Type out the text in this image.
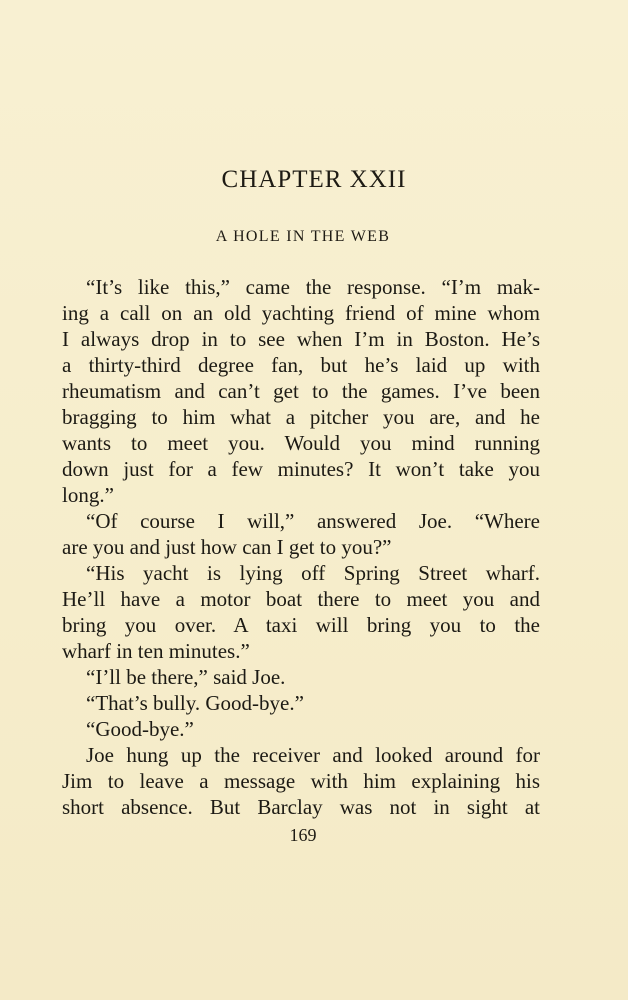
CHAPTER XXII
A HOLE IN THE WEB
“It’s like this,” came the response. “I’m mak-
ing a call on an old yachting friend of mine whom
I always drop in to see when I’m in Boston. He’s
a thirty-third degree fan, but he’s laid up with
rheumatism and can’t get to the games. I’ve been
bragging to him what a pitcher you are, and he
wants to meet you. Would you mind running
down just for a few minutes? It won’t take you
long.”
“Of course I will,” answered Joe. “Where
are you and just how can I get to you?”
“His yacht is lying off Spring Street wharf.
He’ll have a motor boat there to meet you and
bring you over. A taxi will bring you to the
wharf in ten minutes.”
“I’ll be there,” said Joe.
“That’s bully. Good-bye.”
“Good-bye.”
Joe hung up the receiver and looked around for
Jim to leave a message with him explaining his
short absence. But Barclay was not in sight at
169
